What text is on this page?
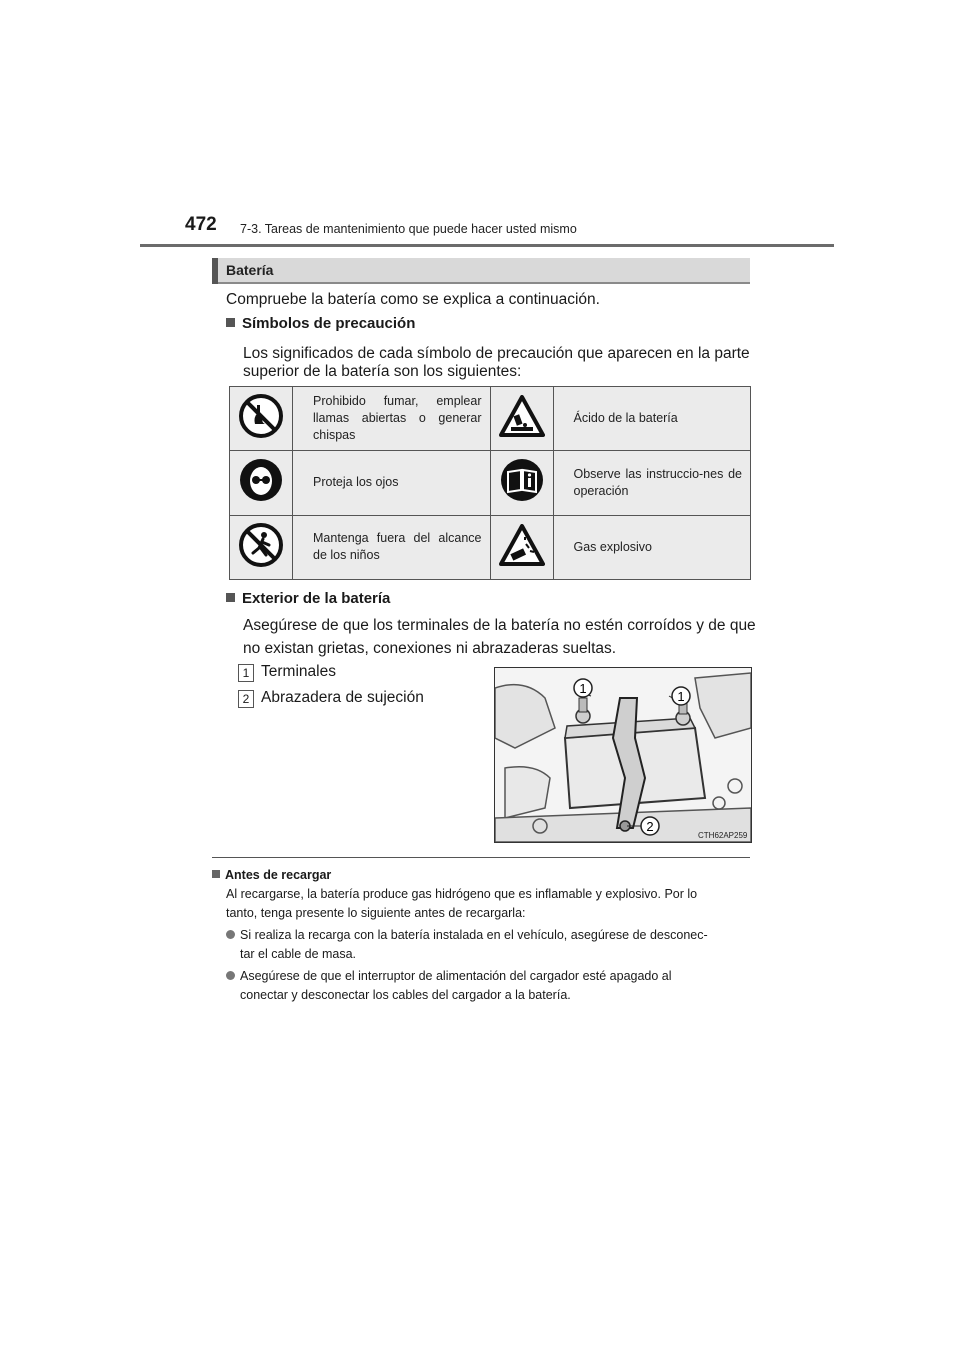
472 7-3. Tareas de mantenimiento que puede hacer usted mismo
Batería
Compruebe la batería como se explica a continuación.
Símbolos de precaución
Los significados de cada símbolo de precaución que aparecen en la parte
superior de la batería son los siguientes:
	Prohibido fumar, emplear llamas abiertas o generar chispas		Ácido de la batería
	Proteja los ojos		Observe las instruccio-nes de operación
	Mantenga fuera del alcance de los niños		Gas explosivo
Exterior de la batería
Asegúrese de que los terminales de la batería no estén corroídos y de que
no existan grietas, conexiones ni abrazaderas sueltas.
1 Terminales
2 Abrazadera de sujeción
1
1
2
CTH62AP259
Antes de recargar
Al recargarse, la batería produce gas hidrógeno que es inflamable y explosivo. Por lo
tanto, tenga presente lo siguiente antes de recargarla:
Si realiza la recarga con la batería instalada en el vehículo, asegúrese de desconec-
tar el cable de masa.
Asegúrese de que el interruptor de alimentación del cargador esté apagado al
conectar y desconectar los cables del cargador a la batería.
